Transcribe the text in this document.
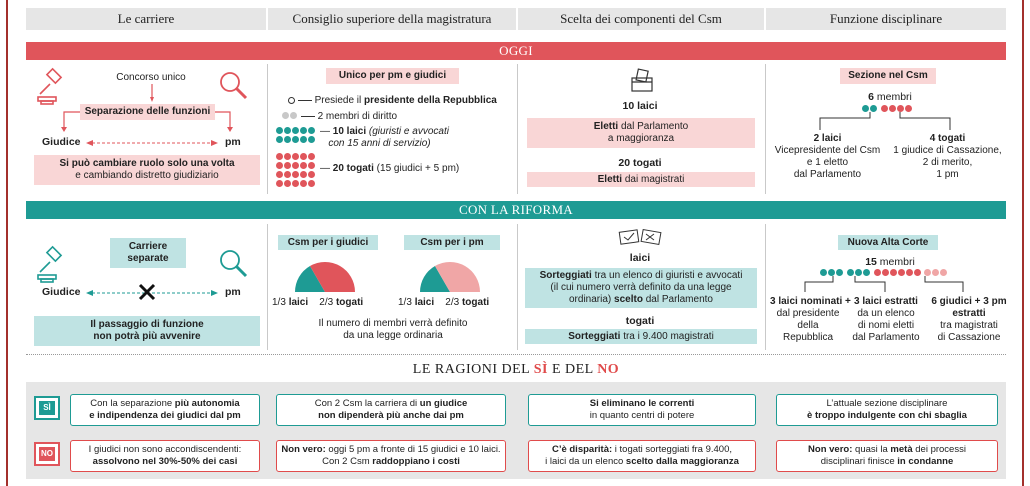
Le carriere	Consiglio superiore della magistratura	Scelta dei componenti del Csm	Funzione disciplinare
OGGI
Concorso unico
Separazione delle funzioni
Giudice	pm
Si può cambiare ruolo solo una volta
e cambiando distretto giudiziario
Unico per pm e giudici
Presiede il presidente della Repubblica
2 membri di diritto

— 10 laici (giuristi e avvocati
con 15 anni di servizio)

— 20 togati (15 giudici + 5 pm)
10 laici
Eletti dal Parlamento
a maggioranza
20 togati
Eletti dai magistrati
Sezione nel Csm
6 membri

2 laici
Vicepresidente del Csm
e 1 eletto
dal Parlamento
4 togati
1 giudice di Cassazione,
2 di merito,
1 pm
CON LA RIFORMA
Carriere
separate
Giudice	pm
Il passaggio di funzione
non potrà più avvenire
Csm per i giudici	Csm per i pm
1/3 laici 2/3 togati	1/3 laici 2/3 togati
Il numero di membri verrà definito
da una legge ordinaria
laici
Sorteggiati tra un elenco di giuristi e avvocati
(il cui numero verrà definito da una legge
ordinaria) scelto dal Parlamento
togati
Sorteggiati tra i 9.400 magistrati
Nuova Alta Corte
15 membri

3 laici nominati +
dal presidente
della
Repubblica
3 laici estratti
da un elenco
di nomi eletti
dal Parlamento
6 giudici + 3 pm
estratti
tra magistrati
di Cassazione
LE RAGIONI DEL SÌ E DEL NO
SÌ
NO
Con la separazione più autonomia
e indipendenza dei giudici dal pm
Con 2 Csm la carriera di un giudice
non dipenderà più anche dai pm
Si eliminano le correnti
in quanto centri di potere
L’attuale sezione disciplinare
è troppo indulgente con chi sbaglia
I giudici non sono accondiscendenti:
assolvono nel 30%-50% dei casi
Non vero: oggi 5 pm a fronte di 15 giudici e 10 laici.
Con 2 Csm raddoppiano i costi
C’è disparità: i togati sorteggiati fra 9.400,
i laici da un elenco scelto dalla maggioranza
Non vero: quasi la metà dei processi
disciplinari finisce in condanne
